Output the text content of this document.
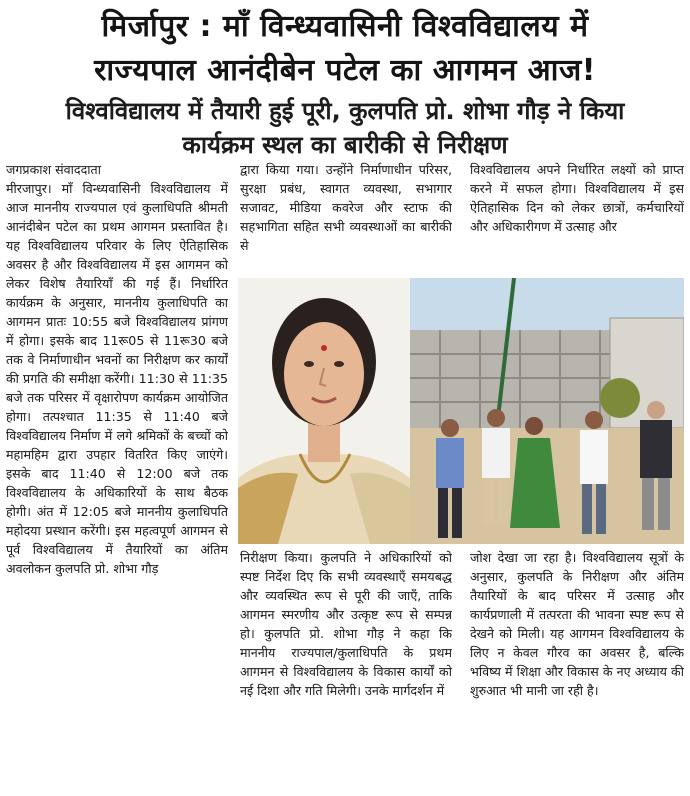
मिर्जापुर : माँ विन्ध्यवासिनी विश्वविद्यालय में
राज्यपाल आनंदीबेन पटेल का आगमन आज!
विश्वविद्यालय में तैयारी हुई पूरी, कुलपति प्रो. शोभा गौड़ ने किया
कार्यक्रम स्थल का बारीकी से निरीक्षण
जगप्रकाश संवाददाता
मीरजापुर। माँ विन्ध्यवासिनी विश्वविद्यालय में आज माननीय राज्यपाल एवं कुलाधिपति श्रीमती आनंदीबेन पटेल का प्रथम आगमन प्रस्तावित है। यह विश्वविद्यालय परिवार के लिए ऐतिहासिक अवसर है और विश्वविद्यालय में इस आगमन को लेकर विशेष तैयारियाँ की गई हैं। निर्धारित कार्यक्रम के अनुसार, माननीय कुलाधिपति का आगमन प्रातः 10:55 बजे विश्वविद्यालय प्रांगण में होगा। इसके बाद 11रू05 से 11रू30 बजे तक वे निर्माणाधीन भवनों का निरीक्षण कर कार्यों की प्रगति की समीक्षा करेंगी। 11:30 से 11:35 बजे तक परिसर में वृक्षारोपण कार्यक्रम आयोजित होगा। तत्पश्चात 11:35 से 11:40 बजे विश्वविद्यालय निर्माण में लगे श्रमिकों के बच्चों को महामहिम द्वारा उपहार वितरित किए जाएंगे। इसके बाद 11:40 से 12:00 बजे तक विश्वविद्यालय के अधिकारियों के साथ बैठक होगी। अंत में 12:05 बजे माननीय कुलाधिपति महोदया प्रस्थान करेंगी। इस महत्वपूर्ण आगमन से पूर्व विश्वविद्यालय में तैयारियों का अंतिम अवलोकन कुलपति प्रो. शोभा गौड़
द्वारा किया गया। उन्होंने निर्माणाधीन परिसर, सुरक्षा प्रबंध, स्वागत व्यवस्था, सभागार सजावट, मीडिया कवरेज और स्टाफ की सहभागिता सहित सभी व्यवस्थाओं का बारीकी से
विश्वविद्यालय अपने निर्धारित लक्ष्यों को प्राप्त करने में सफल होगा। विश्वविद्यालय में इस ऐतिहासिक दिन को लेकर छात्रों, कर्मचारियों और अधिकारीगण में उत्साह और
निरीक्षण किया। कुलपति ने अधिकारियों को स्पष्ट निर्देश दिए कि सभी व्यवस्थाएँ समयबद्ध और व्यवस्थित रूप से पूरी की जाएँ, ताकि आगमन स्मरणीय और उत्कृष्ट रूप से सम्पन्न हो। कुलपति प्रो. शोभा गौड़ ने कहा कि माननीय राज्यपाल/कुलाधिपति के प्रथम आगमन से विश्वविद्यालय के विकास कार्यों को नई दिशा और गति मिलेगी। उनके मार्गदर्शन में
जोश देखा जा रहा है। विश्वविद्यालय सूत्रों के अनुसार, कुलपति के निरीक्षण और अंतिम तैयारियों के बाद परिसर में उत्साह और कार्यप्रणाली में तत्परता की भावना स्पष्ट रूप से देखने को मिली। यह आगमन विश्वविद्यालय के लिए न केवल गौरव का अवसर है, बल्कि भविष्य में शिक्षा और विकास के नए अध्याय की शुरुआत भी मानी जा रही है।
